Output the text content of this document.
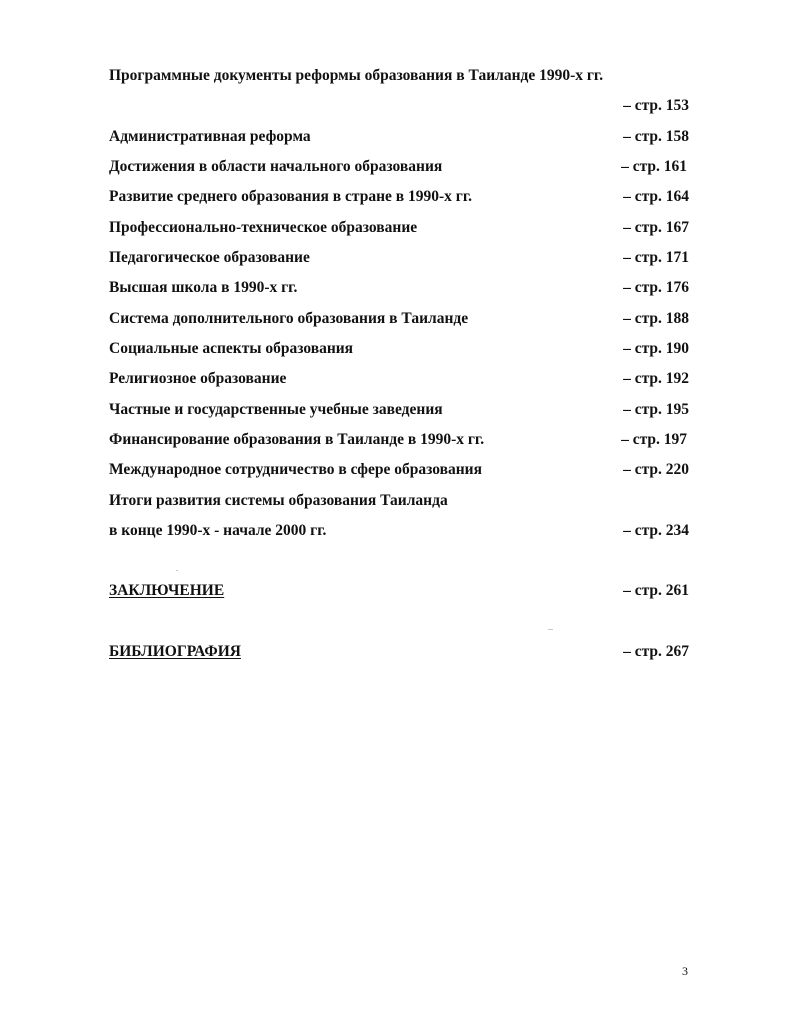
Программные документы реформы образования в Таиланде 1990-х гг.
– стр. 153
Административная реформа	– стр. 158
Достижения в области начального образования	– стр. 161
Развитие среднего образования в стране в 1990-х гг.	– стр. 164
Профессионально-техническое образование	– стр. 167
Педагогическое образование	– стр. 171
Высшая школа в 1990-х гг.	– стр. 176
Система дополнительного образования в Таиланде	– стр. 188
Социальные аспекты образования	– стр. 190
Религиозное образование	– стр. 192
Частные и государственные учебные заведения	– стр. 195
Финансирование образования в Таиланде в 1990-х гг.	– стр. 197
Международное сотрудничество в сфере образования	– стр. 220
Итоги развития системы образования Таиланда
в конце 1990-х - начале 2000 гг.	– стр. 234
ЗАКЛЮЧЕНИЕ	– стр. 261
БИБЛИОГРАФИЯ	– стр. 267
3
